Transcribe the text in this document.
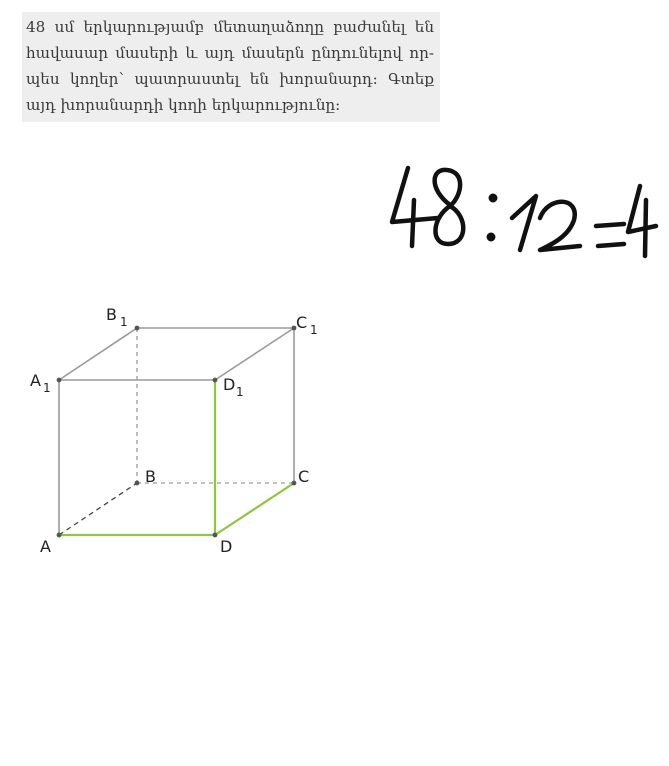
48 սմ երկարությամբ մետաղաձողը բաժանել են հավասար մասերի և այդ մասերն ընդունելով որ-պես կողեր՝ պատրաստել են խորանարդ: Գտեք այդ խորանարդի կողի երկարությունը:

A	D
B	C
A 1	D 1
B 1	C 1
